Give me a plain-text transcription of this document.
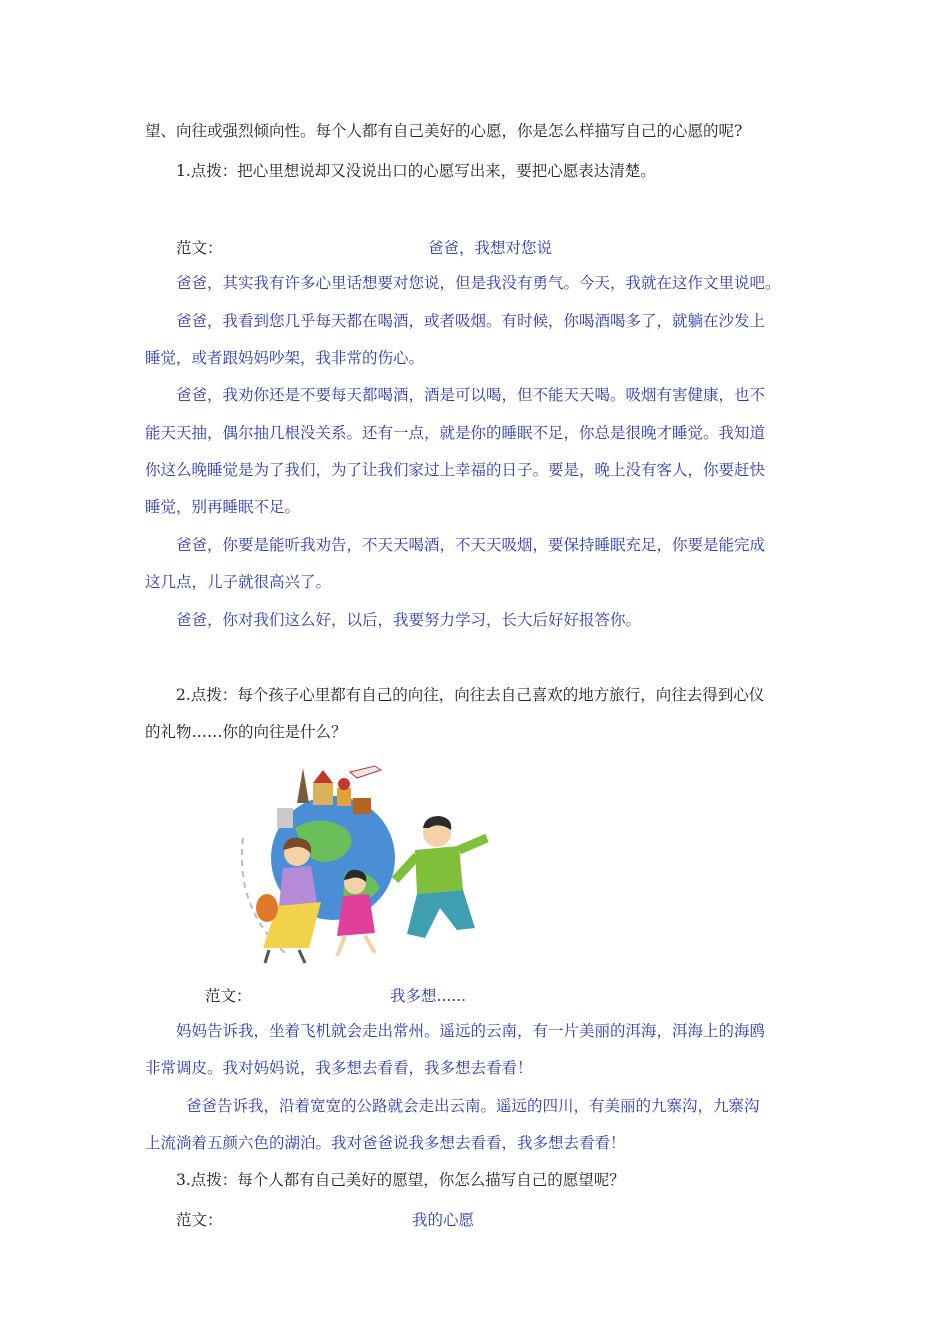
望、向往或强烈倾向性。每个人都有自己美好的心愿，你是怎么样描写自己的心愿的呢?
1.点拨：把心里想说却又没说出口的心愿写出来，要把心愿表达清楚。
范文：	爸爸，我想对您说
爸爸，其实我有许多心里话想要对您说，但是我没有勇气。今天，我就在这作文里说吧。
爸爸，我看到您几乎每天都在喝酒，或者吸烟。有时候，你喝酒喝多了，就躺在沙发上
睡觉，或者跟妈妈吵架，我非常的伤心。
爸爸，我劝你还是不要每天都喝酒，酒是可以喝，但不能天天喝。吸烟有害健康，也不
能天天抽，偶尔抽几根没关系。还有一点，就是你的睡眠不足，你总是很晚才睡觉。我知道
你这么晚睡觉是为了我们，为了让我们家过上幸福的日子。要是，晚上没有客人，你要赶快
睡觉，别再睡眠不足。
爸爸，你要是能听我劝告，不天天喝酒，不天天吸烟，要保持睡眠充足，你要是能完成
这几点，儿子就很高兴了。
爸爸，你对我们这么好，以后，我要努力学习，长大后好好报答你。
2.点拨：每个孩子心里都有自己的向往，向往去自己喜欢的地方旅行，向往去得到心仪
的礼物……你的向往是什么？
范文：	我多想......
妈妈告诉我，坐着飞机就会走出常州。遥远的云南，有一片美丽的洱海，洱海上的海鸥
非常调皮。我对妈妈说，我多想去看看，我多想去看看！
爸爸告诉我，沿着宽宽的公路就会走出云南。遥远的四川，有美丽的九寨沟，九寨沟
上流淌着五颜六色的湖泊。我对爸爸说我多想去看看，我多想去看看！
3.点拨：每个人都有自己美好的愿望，你怎么描写自己的愿望呢？
范文：	我的心愿
